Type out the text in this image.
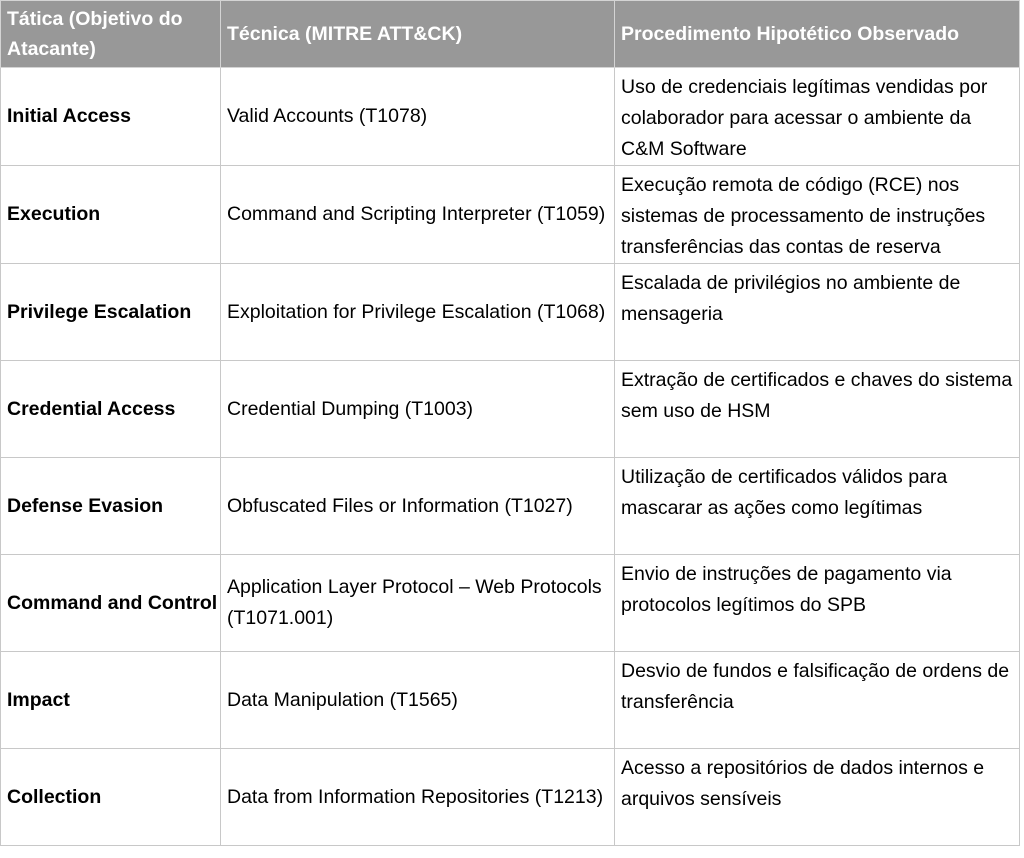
Tática (Objetivo do Atacante)	Técnica (MITRE ATT&CK)	Procedimento Hipotético Observado
Initial Access	Valid Accounts (T1078)	Uso de credenciais legítimas vendidas por colaborador para acessar o ambiente da C&M Software
Execution	Command and Scripting Interpreter (T1059)	Execução remota de código (RCE) nos sistemas de processamento de instruções transferências das contas de reserva
Privilege Escalation	Exploitation for Privilege Escalation (T1068)	Escalada de privilégios no ambiente de mensageria
Credential Access	Credential Dumping (T1003)	Extração de certificados e chaves do sistema sem uso de HSM
Defense Evasion	Obfuscated Files or Information (T1027)	Utilização de certificados válidos para mascarar as ações como legítimas
Command and Control	Application Layer Protocol – Web Protocols (T1071.001)	Envio de instruções de pagamento via protocolos legítimos do SPB
Impact	Data Manipulation (T1565)	Desvio de fundos e falsificação de ordens de transferência
Collection	Data from Information Repositories (T1213)	Acesso a repositórios de dados internos e arquivos sensíveis
